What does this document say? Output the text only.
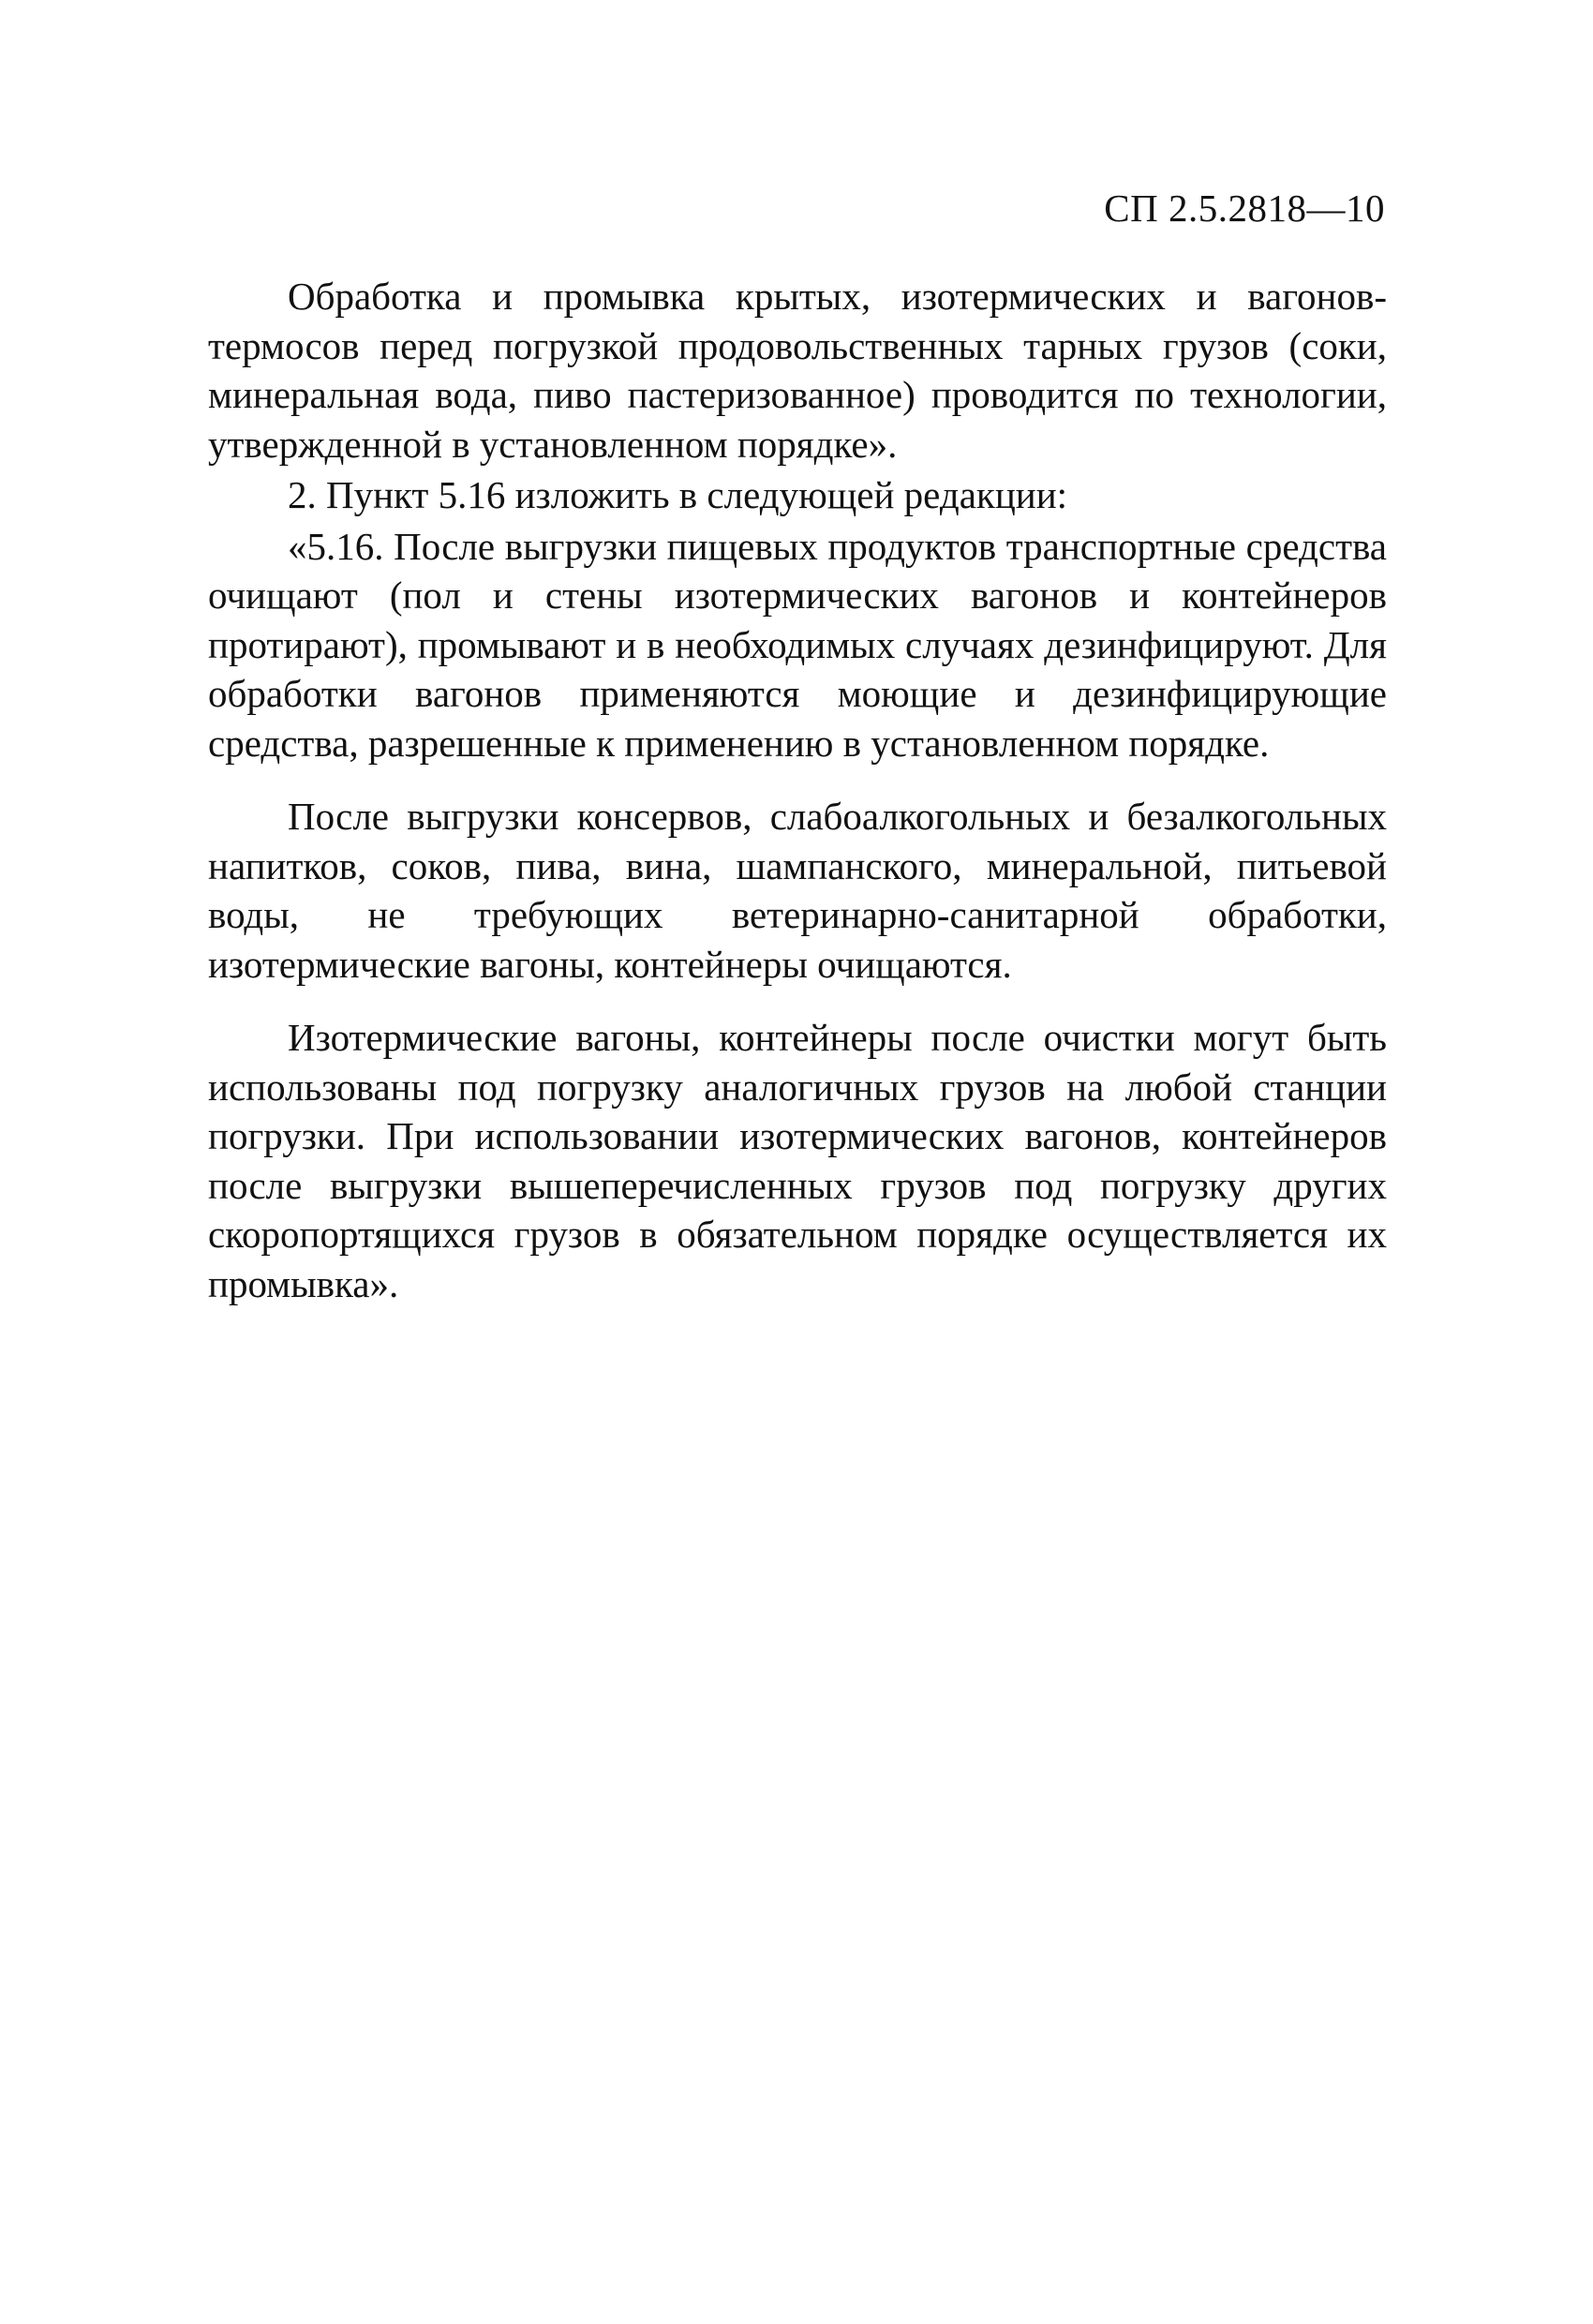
СП 2.5.2818—10

Обработка и промывка крытых, изотермических и вагонов-термосов перед погрузкой продовольственных тарных грузов (соки, минеральная вода, пиво пастеризованное) проводится по технологии, утвержденной в установленном порядке».

2. Пункт 5.16 изложить в следующей редакции:

«5.16. После выгрузки пищевых продуктов транспортные средства очищают (пол и стены изотермических вагонов и контейнеров протирают), промывают и в необходимых случаях дезинфицируют. Для обработки вагонов применяются моющие и дезинфицирующие средства, разрешенные к применению в установленном порядке.

После выгрузки консервов, слабоалкогольных и безалкогольных напитков, соков, пива, вина, шампанского, минеральной, питьевой воды, не требующих ветеринарно-санитарной обработки, изотермические вагоны, контейнеры очищаются.

Изотермические вагоны, контейнеры после очистки могут быть использованы под погрузку аналогичных грузов на любой станции погрузки. При использовании изотермических вагонов, контейнеров после выгрузки вышеперечисленных грузов под погрузку других скоропортящихся грузов в обязательном порядке осуществляется их промывка».
